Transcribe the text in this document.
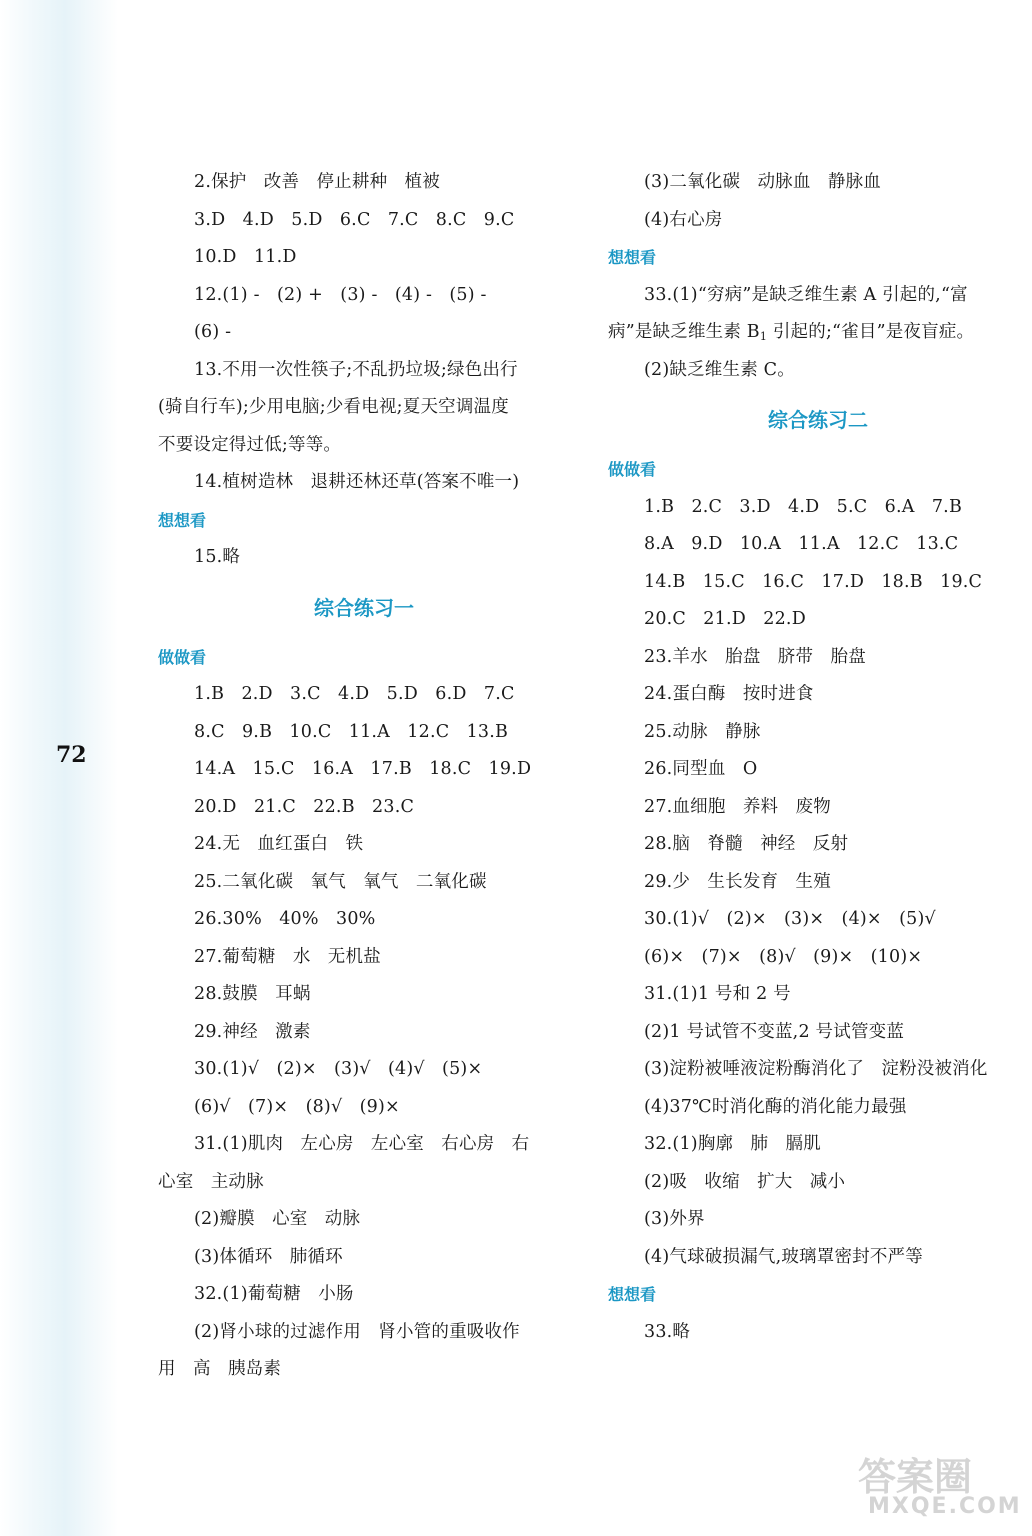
72
2.保护   改善   停止耕种   植被
3.D   4.D   5.D   6.C   7.C   8.C   9.C
10.D   11.D
12.(1) -   (2) +   (3) -   (4) -   (5) -
(6) -
13.不用一次性筷子;不乱扔垃圾;绿色出行
(骑自行车);少用电脑;少看电视;夏天空调温度
不要设定得过低;等等。
14.植树造林   退耕还林还草(答案不唯一)
想想看
15.略
综合练习一
做做看
1.B   2.D   3.C   4.D   5.D   6.D   7.C
8.C   9.B   10.C   11.A   12.C   13.B
14.A   15.C   16.A   17.B   18.C   19.D
20.D   21.C   22.B   23.C
24.无   血红蛋白   铁
25.二氧化碳   氧气   氧气   二氧化碳
26.30%   40%   30%
27.葡萄糖   水   无机盐
28.鼓膜   耳蜗
29.神经   激素
30.(1)√   (2)×   (3)√   (4)√   (5)×
(6)√   (7)×   (8)√   (9)×
31.(1)肌肉   左心房   左心室   右心房   右
心室   主动脉
(2)瓣膜   心室   动脉
(3)体循环   肺循环
32.(1)葡萄糖   小肠
(2)肾小球的过滤作用   肾小管的重吸收作
用   高   胰岛素
(3)二氧化碳   动脉血   静脉血
(4)右心房
想想看
33.(1)“穷病”是缺乏维生素 A 引起的,“富
病”是缺乏维生素 $B_1$ 引起的;“雀目”是夜盲症。
(2)缺乏维生素 C。
综合练习二
做做看
1.B   2.C   3.D   4.D   5.C   6.A   7.B
8.A   9.D   10.A   11.A   12.C   13.C
14.B   15.C   16.C   17.D   18.B   19.C
20.C   21.D   22.D
23.羊水   胎盘   脐带   胎盘
24.蛋白酶   按时进食
25.动脉   静脉
26.同型血   O
27.血细胞   养料   废物
28.脑   脊髓   神经   反射
29.少   生长发育   生殖
30.(1)√   (2)×   (3)×   (4)×   (5)√
(6)×   (7)×   (8)√   (9)×   (10)×
31.(1)1 号和 2 号
(2)1 号试管不变蓝,2 号试管变蓝
(3)淀粉被唾液淀粉酶消化了   淀粉没被消化
(4)37℃时消化酶的消化能力最强
32.(1)胸廓   肺   膈肌
(2)吸   收缩   扩大   减小
(3)外界
(4)气球破损漏气,玻璃罩密封不严等
想想看
33.略
答案圈
MXQE.COM
